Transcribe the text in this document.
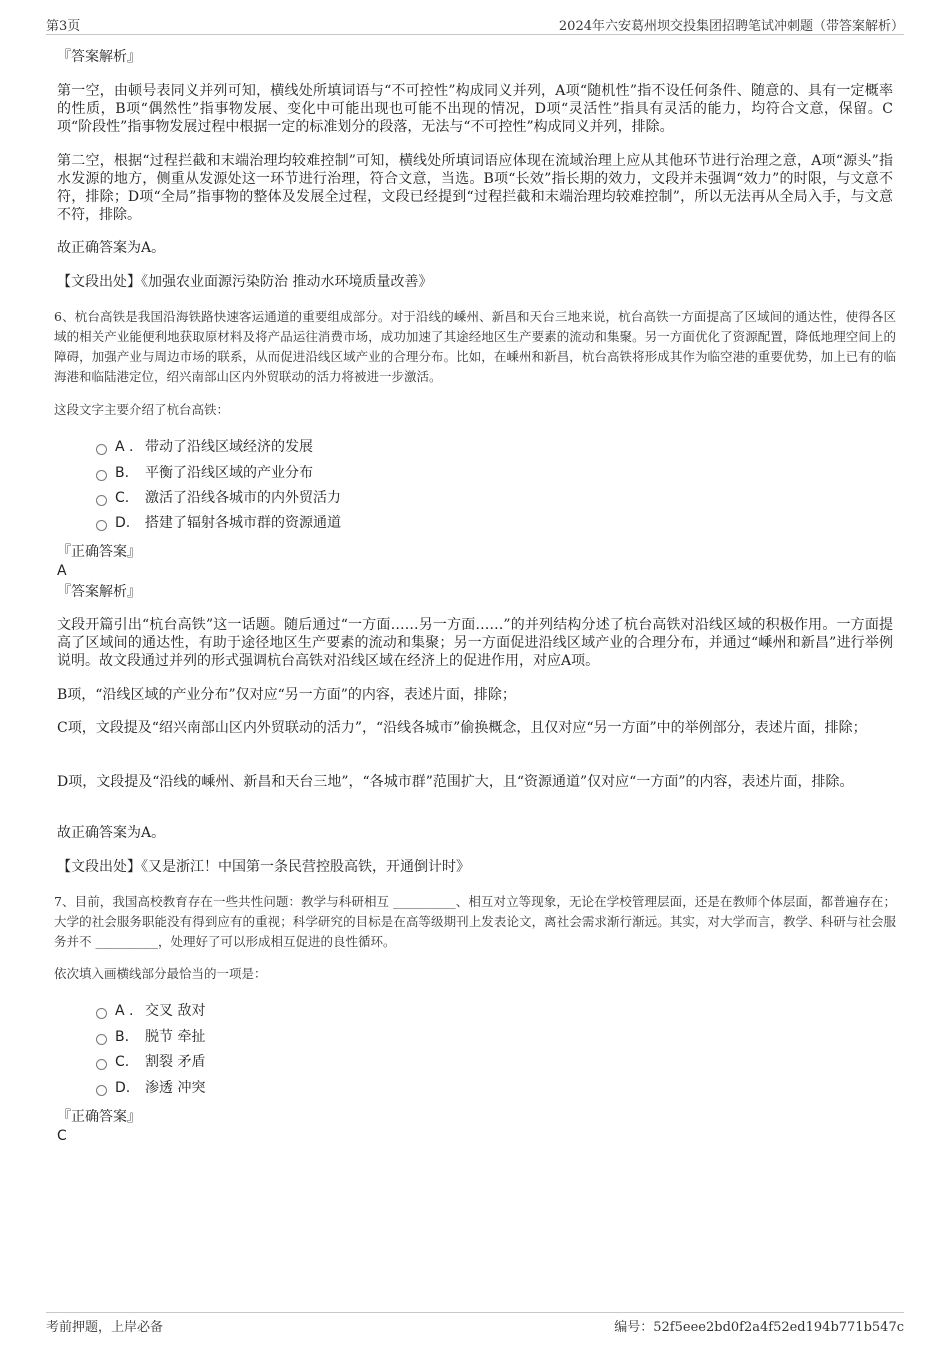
第3页	2024年六安葛州坝交投集团招聘笔试冲刺题（带答案解析）
『答案解析』
第一空，由顿号表同义并列可知，横线处所填词语与“不可控性”构成同义并列，A项“随机性”指不设任何条件、随意的、具有一定概率的性质，B项“偶然性”指事物发展、变化中可能出现也可能不出现的情况，D项“灵活性”指具有灵活的能力，均符合文意，保留。C项“阶段性”指事物发展过程中根据一定的标准划分的段落，无法与“不可控性”构成同义并列，排除。
第二空，根据“过程拦截和末端治理均较难控制”可知，横线处所填词语应体现在流域治理上应从其他环节进行治理之意，A项“源头”指水发源的地方，侧重从发源处这一环节进行治理，符合文意，当选。B项“长效”指长期的效力，文段并未强调“效力”的时限，与文意不符，排除；D项“全局”指事物的整体及发展全过程，文段已经提到“过程拦截和末端治理均较难控制”，所以无法再从全局入手，与文意不符，排除。
故正确答案为A。
【文段出处】《加强农业面源污染防治 推动水环境质量改善》
6、杭台高铁是我国沿海铁路快速客运通道的重要组成部分。对于沿线的嵊州、新昌和天台三地来说，杭台高铁一方面提高了区域间的通达性，使得各区域的相关产业能便利地获取原材料及将产品运往消费市场，成功加速了其途经地区生产要素的流动和集聚。另一方面优化了资源配置，降低地理空间上的障碍，加强产业与周边市场的联系，从而促进沿线区域产业的合理分布。比如，在嵊州和新昌，杭台高铁将形成其作为临空港的重要优势，加上已有的临海港和临陆港定位，绍兴南部山区内外贸联动的活力将被进一步激活。
这段文字主要介绍了杭台高铁：
A . 带动了沿线区域经济的发展
B. 平衡了沿线区域的产业分布
C. 激活了沿线各城市的内外贸活力
D. 搭建了辐射各城市群的资源通道
『正确答案』
A
『答案解析』
文段开篇引出“杭台高铁”这一话题。随后通过“一方面……另一方面……”的并列结构分述了杭台高铁对沿线区域的积极作用。一方面提高了区域间的通达性，有助于途径地区生产要素的流动和集聚；另一方面促进沿线区域产业的合理分布，并通过“嵊州和新昌”进行举例说明。故文段通过并列的形式强调杭台高铁对沿线区域在经济上的促进作用，对应A项。
B项，“沿线区域的产业分布”仅对应“另一方面”的内容，表述片面，排除；
C项，文段提及“绍兴南部山区内外贸联动的活力”，“沿线各城市”偷换概念，且仅对应“另一方面”中的举例部分，表述片面，排除；
D项，文段提及“沿线的嵊州、新昌和天台三地”，“各城市群”范围扩大，且“资源通道”仅对应“一方面”的内容，表述片面，排除。
故正确答案为A。
【文段出处】《又是浙江！中国第一条民营控股高铁，开通倒计时》
7、目前，我国高校教育存在一些共性问题：教学与科研相互 __________、相互对立等现象，无论在学校管理层面，还是在教师个体层面，都普遍存在；大学的社会服务职能没有得到应有的重视；科学研究的目标是在高等级期刊上发表论文，离社会需求渐行渐远。其实，对大学而言，教学、科研与社会服务并不 __________，处理好了可以形成相互促进的良性循环。
依次填入画横线部分最恰当的一项是：
A . 交叉 敌对
B. 脱节 牵扯
C. 割裂 矛盾
D. 渗透 冲突
『正确答案』
C
考前押题，上岸必备	编号：52f5eee2bd0f2a4f52ed194b771b547c
